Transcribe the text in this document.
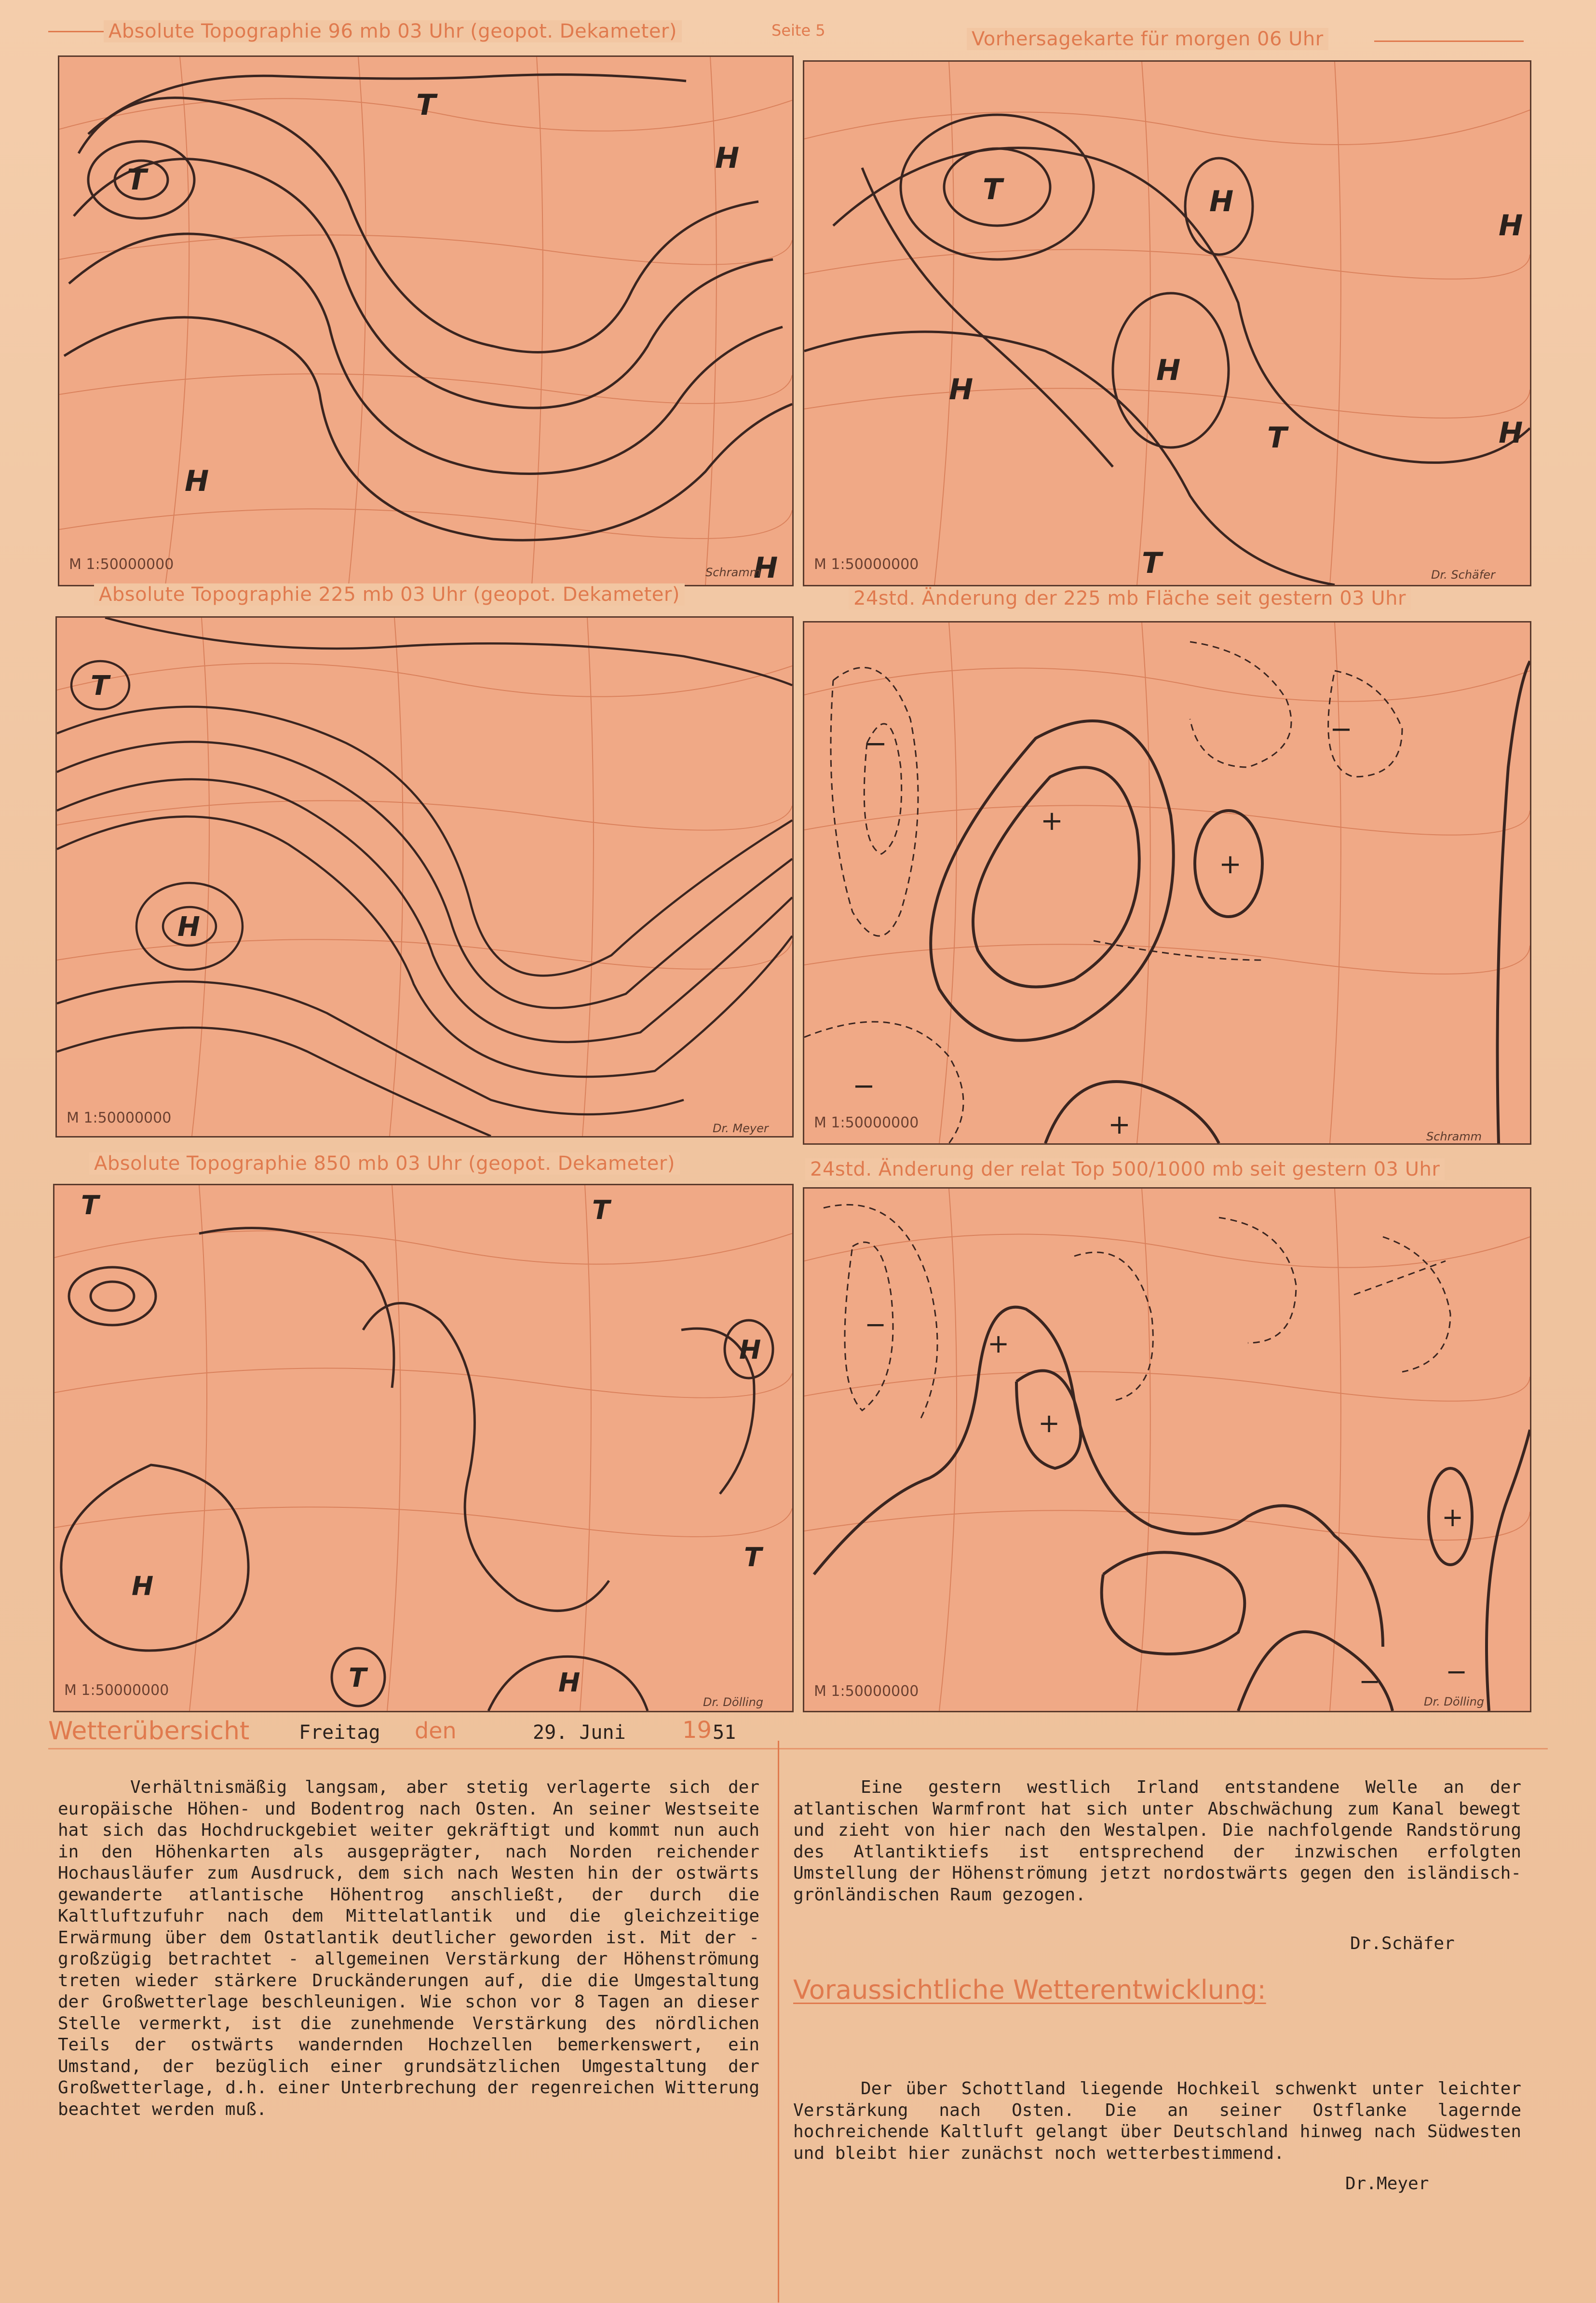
Absolute Topographie 96 mb 03 Uhr (geopot. Dekameter)	Seite 5	Vorhersagekarte für morgen 06 Uhr
T
T
H
H
H
M 1:50000000	Schramm
T
H
H
H
H
H
T
T
M 1:50000000
Dr. Schäfer
Absolute Topographie 225 mb 03 Uhr (geopot. Dekameter)	24std. Änderung der 225 mb Fläche seit gestern 03 Uhr
T
H
M 1:50000000
Dr. Meyer
+
+
−	−
−
+
M 1:50000000
Schramm
Absolute Topographie 850 mb 03 Uhr (geopot. Dekameter)	24std. Änderung der relat Top 500/1000 mb seit gestern 03 Uhr
H
H
H
T
T
T
T
M 1:50000000
Dr. Dölling
+
+
+
−
− −
M 1:50000000
Dr. Dölling
Wetterübersicht	Freitag den	29. Juni 19 51
Verhältnismäßig langsam, aber stetig verlagerte sich der europäische Höhen- und Bodentrog nach Osten. An seiner Westseite hat sich das Hochdruckgebiet weiter gekräftigt und kommt nun auch in den Höhenkarten als ausgeprägter, nach Norden reichender Hochausläufer zum Ausdruck, dem sich nach Westen hin der ostwärts gewanderte atlantische Höhentrog anschließt, der durch die Kaltluftzufuhr nach dem Mittelatlantik und die gleichzeitige Erwärmung über dem Ostatlantik deutlicher geworden ist. Mit der - großzügig betrachtet - allgemeinen Verstärkung der Höhenströmung treten wieder stärkere Druckänderungen auf, die die Umgestaltung der Großwetterlage beschleunigen. Wie schon vor 8 Tagen an dieser Stelle vermerkt, ist die zunehmende Verstärkung des nördlichen Teils der ostwärts wandernden Hochzellen bemerkenswert, ein Umstand, der bezüglich einer grundsätzlichen Umgestaltung der Großwetterlage, d.h. einer Unterbrechung der regenreichen Witterung beachtet werden muß.
Eine gestern westlich Irland entstandene Welle an der atlantischen Warmfront hat sich unter Abschwächung zum Kanal bewegt und zieht von hier nach den Westalpen. Die nachfolgende Randstörung des Atlantiktiefs ist entsprechend der inzwischen erfolgten Umstellung der Höhenströmung jetzt nordostwärts gegen den isländisch-grönländischen Raum gezogen.
Dr.Schäfer
Voraussichtliche Wetterentwicklung:
Der über Schottland liegende Hochkeil schwenkt unter leichter Verstärkung nach Osten. Die an seiner Ostflanke lagernde hochreichende Kaltluft gelangt über Deutschland hinweg nach Südwesten und bleibt hier zunächst noch wetterbestimmend.
Dr.Meyer
